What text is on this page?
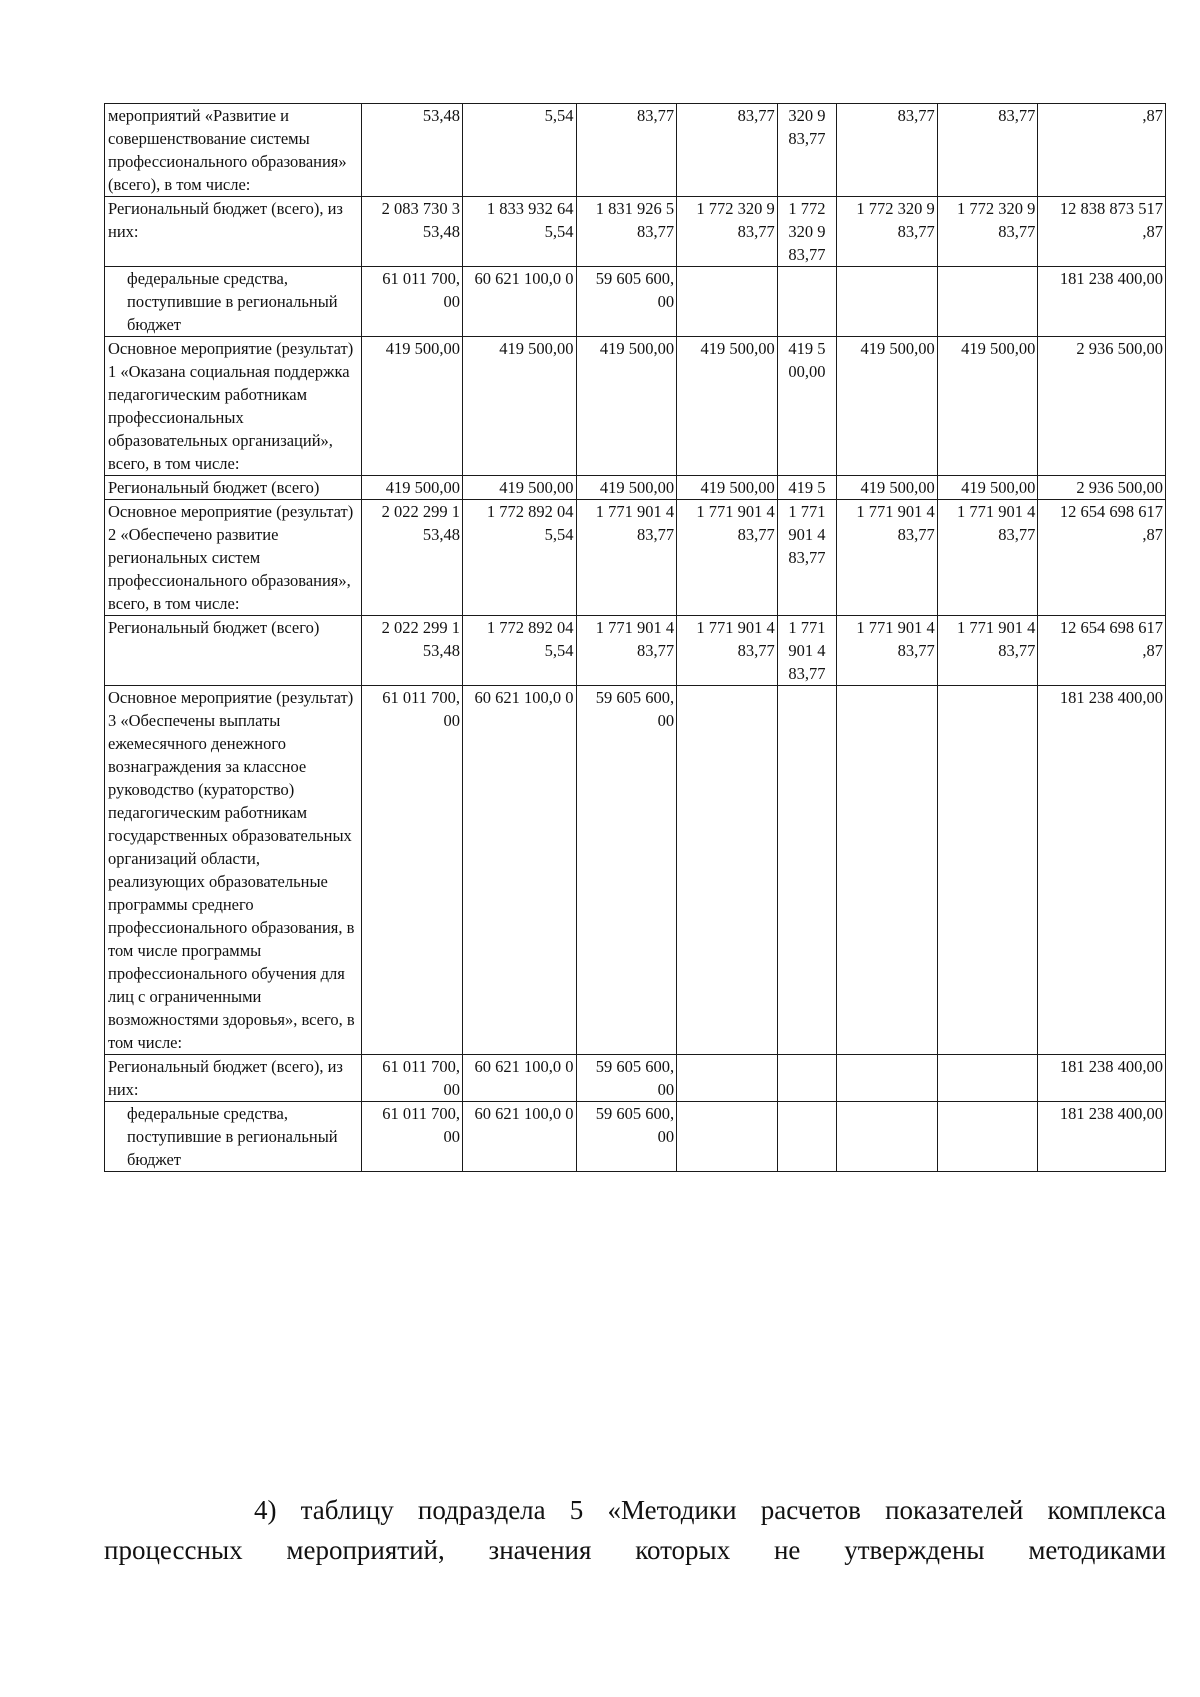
мероприятий «Развитие и совершенствование системы профессионального образования» (всего), в том числе:	53,48	5,54	83,77	83,77	320 9 83,77	83,77	83,77	,87
Региональный бюджет (всего), из них:	2 083 730 3 53,48	1 833 932 64 5,54	1 831 926 5 83,77	1 772 320 9 83,77	1 772 320 9 83,77	1 772 320 9 83,77	1 772 320 9 83,77	12 838 873 517 ,87
федеральные средства, поступившие в региональный бюджет	61 011 700, 00	60 621 100,0 0	59 605 600, 00					181 238 400,00
Основное мероприятие (результат) 1 «Оказана социальная поддержка педагогическим работникам профессиональных образовательных организаций», всего, в том числе:	419 500,00	419 500,00	419 500,00	419 500,00	419 5 00,00	419 500,00	419 500,00	2 936 500,00
Региональный бюджет (всего)	419 500,00	419 500,00	419 500,00	419 500,00	419 5	419 500,00	419 500,00	2 936 500,00
Основное мероприятие (результат) 2 «Обеспечено развитие региональных систем профессионального образования», всего, в том числе:	2 022 299 1 53,48	1 772 892 04 5,54	1 771 901 4 83,77	1 771 901 4 83,77	1 771 901 4 83,77	1 771 901 4 83,77	1 771 901 4 83,77	12 654 698 617 ,87
Региональный бюджет (всего)	2 022 299 1 53,48	1 772 892 04 5,54	1 771 901 4 83,77	1 771 901 4 83,77	1 771 901 4 83,77	1 771 901 4 83,77	1 771 901 4 83,77	12 654 698 617 ,87
Основное мероприятие (результат) 3 «Обеспечены выплаты ежемесячного денежного вознаграждения за классное руководство (кураторство) педагогическим работникам государственных образовательных организаций области, реализующих образовательные программы среднего профессионального образования, в том числе программы профессионального обучения для лиц с ограниченными возможностями здоровья», всего, в том числе:	61 011 700, 00	60 621 100,0 0	59 605 600, 00					181 238 400,00
Региональный бюджет (всего), из них:	61 011 700, 00	60 621 100,0 0	59 605 600, 00					181 238 400,00
федеральные средства, поступившие в региональный бюджет	61 011 700, 00	60 621 100,0 0	59 605 600, 00					181 238 400,00

4) таблицу подраздела 5 «Методики расчетов показателей комплекса

процессных мероприятий, значения которых не утверждены методиками
